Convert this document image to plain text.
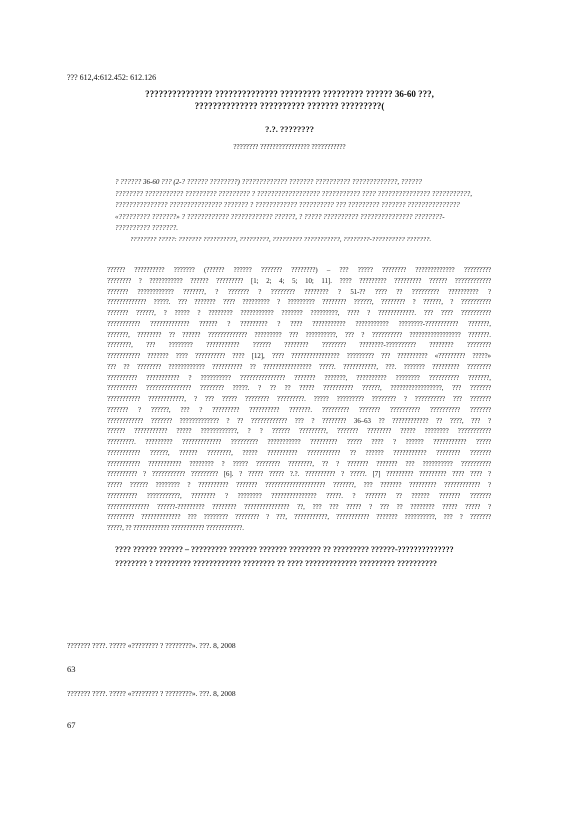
??? 612,4:612.452: 612.126
??????????????? ?????????????? ????????? ????????? ?????? 36-60 ???,
?????????????? ?????????? ??????? ?????????(
?.?. ????????
???????? ???????????????? ???????????
? ?????? 36-60 ??? (2-? ?????? ????????) ????????????? ??????? ?????????? ?????????????, ??????
???????? ??????????? ????????? ????????? ? ?????????????????? ??????????? ???? ??????????????? ???????????,
??????????????? ??????????????? ??????? ? ???????????? ?????????? ??? ????????? ??????? ???????????????
«????????? ???????» ? ???????????? ???????????? ??????, ? ????? ?????????? ??????????????? ????????-
?????????? ???????.
???????? ?????: ??????? ??????????, ?????????, ????????? ???????????, ????????-?????????? ???????.
?????? ?????????? ??????? (?????? ?????? ??????? ????????) – ??? ????? ???????? ????????????? ?????????
???????? ? ??????????? ?????? ????????? [1; 2; 4; 5; 10; 11]. ???? ????????? ????????? ?????? ????????????
??????? ???????????? ???????, ? ??????? ? ???????? ???????? ? 51-?? ???? ?? ????????? ?????????? ?
????????????? ?????. ??? ??????? ???? ????????? ? ????????? ???????? ??????, ???????? ? ??????, ? ??????????
??????? ??????, ? ????? ? ???????? ??????????? ??????? ?????????, ???? ? ????????????. ??? ???? ??????????
??????????? ????????????? ?????? ? ????????? ? ???? ??????????? ??????????? ????????-??????????? ???????,
???????, ???????? ?? ?????? ????????????? ????????? ??? ??????????, ??? ? ?????????? ????????????????? ???????.
????????, ??? ???????? ??????????? ?????? ???????? ???????? ????????-?????????? ???????? ????????
??????????? ??????? ???? ?????????? ???? [12], ???? ???????????????? ????????? ??? ?????????? «????????? ?????»
??? ?? ???????? ???????????? ?????????? ?? ???????????????? ?????. ???????????, ???. ??????? ????????? ????????
?????????? ??????????? ? ?????????? ??????????????? ??????? ???????, ?????????? ???????? ?????????? ???????,
?????????? ??????????????? ???????? ?????. ? ?? ?? ????? ?????????? ??????, ?????????????????, ??? ???????
??????????? ????????????, ? ??? ????? ???????? ?????????. ????? ????????? ???????? ? ?????????? ??? ???????
??????? ? ??????, ??? ? ????????? ?????????? ???????. ????????? ??????? ?????????? ?????????? ???????
???????????? ??????? ????????????? ? ?? ???????????? ??? ? ???????? 36–63 ?? ???????????? ?? ????, ??? ?
?????? ??????????? ????? ????????????, ? ? ?????? ?????????, ??????? ???????? ????? ???????? ???????????
?????????. ????????? ????????????? ????????? ??????????? ????????? ????? ???? ? ?????? ??????????? ?????
??????????? ??????, ?????? ????????, ????? ?????????? ??????????? ?? ?????? ??????????? ???????? ???????
??????????? ??????????? ???????? ? ????? ???????? ????????, ?? ? ??????? ??????? ??? ?????????? ??????????
?????????? ? ??????????? ????????? [6]. ? ????? ????? ?.?. ?????????? ? ?????. [7] ????????? ????????? ???? ???? ?
????? ?????? ???????? ? ?????????? ??????? ???????????????????? ???????, ??? ??????? ????????? ???????????? ?
?????????? ???????????, ???????? ? ???????? ??????????????? ?????. ? ??????? ?? ?????? ??????? ???????
?????????????? ??????-????????? ???????? ??????????????? ??, ??? ??? ????? ? ??? ?? ???????? ????? ????? ?
????????? ????????????? ??? ???????? ???????? ? ???, ???????????, ??????????? ??????? ??????????, ??? ? ???????
?????, ?? ???????????? ??????????? ????????????.
???? ?????? ?????? – ????????? ??????? ??????? ???????? ?? ????????? ??????-??????????????
???????? ? ????????? ???????????? ???????? ?? ???? ????????????? ????????? ??????????
??????? ????. ????? «???????? ? ????????». ???. 8, 2008
63
??????? ????. ????? «???????? ? ????????». ???. 8, 2008
67
